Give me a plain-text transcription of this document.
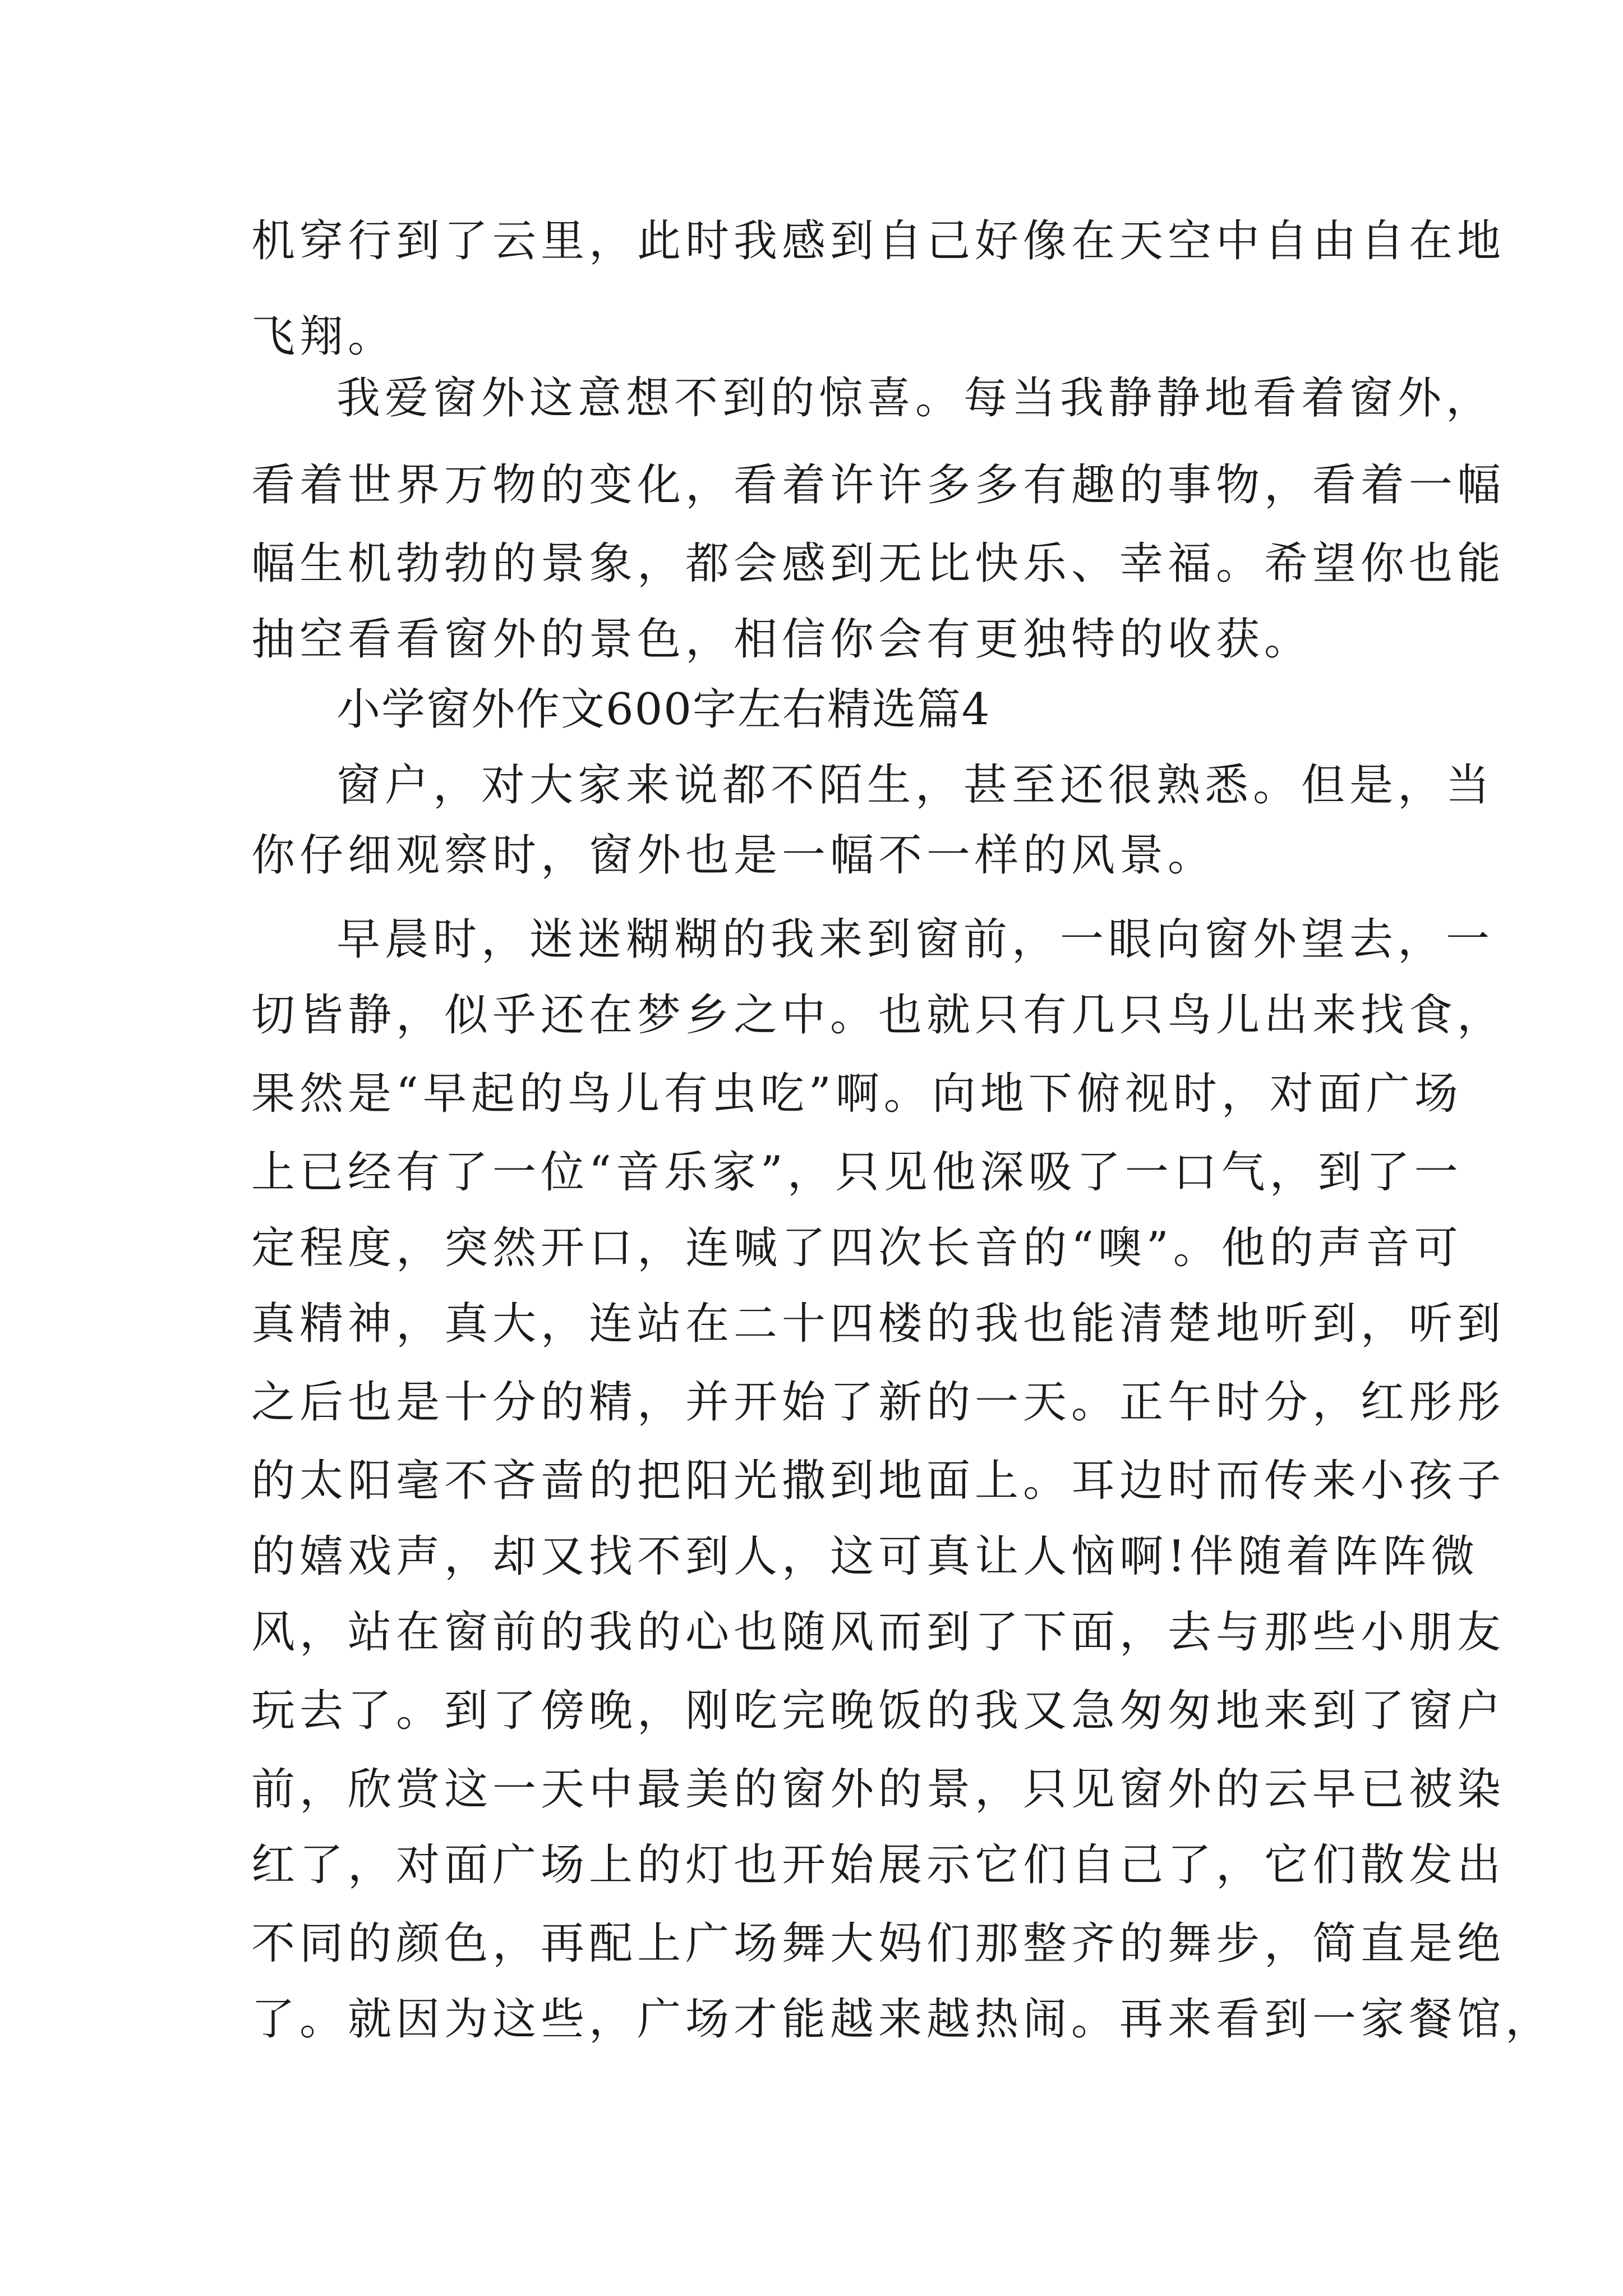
机穿行到了云里，此时我感到自己好像在天空中自由自在地
飞翔。
我爱窗外这意想不到的惊喜。每当我静静地看着窗外，
看着世界万物的变化，看着许许多多有趣的事物，看着一幅
幅生机勃勃的景象，都会感到无比快乐、幸福。希望你也能
抽空看看窗外的景色，相信你会有更独特的收获。
小学窗外作文600字左右精选篇4
窗户，对大家来说都不陌生，甚至还很熟悉。但是，当
你仔细观察时，窗外也是一幅不一样的风景。
早晨时，迷迷糊糊的我来到窗前，一眼向窗外望去，一
切皆静，似乎还在梦乡之中。也就只有几只鸟儿出来找食，
果然是“早起的鸟儿有虫吃”啊。向地下俯视时，对面广场
上已经有了一位“音乐家”，只见他深吸了一口气，到了一
定程度，突然开口，连喊了四次长音的“噢”。他的声音可
真精神，真大，连站在二十四楼的我也能清楚地听到，听到
之后也是十分的精，并开始了新的一天。正午时分，红彤彤
的太阳毫不吝啬的把阳光撒到地面上。耳边时而传来小孩子
的嬉戏声，却又找不到人，这可真让人恼啊!伴随着阵阵微
风，站在窗前的我的心也随风而到了下面，去与那些小朋友
玩去了。到了傍晚，刚吃完晚饭的我又急匆匆地来到了窗户
前，欣赏这一天中最美的窗外的景，只见窗外的云早已被染
红了，对面广场上的灯也开始展示它们自己了，它们散发出
不同的颜色，再配上广场舞大妈们那整齐的舞步，简直是绝
了。就因为这些，广场才能越来越热闹。再来看到一家餐馆，
